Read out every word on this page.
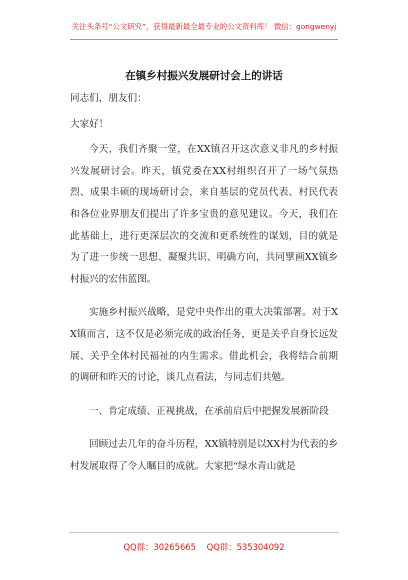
关注头条号“公文研究”，获得最新最全最专业的公文资料库！ 微信：gongwenyj
在镇乡村振兴发展研讨会上的讲话

同志们，朋友们：

大家好！

今天，我们齐聚一堂，在XX镇召开这次意义非凡的乡村振兴发展研讨会。昨天，镇党委在XX村组织召开了一场气氛热烈、成果丰硕的现场研讨会，来自基层的党员代表、村民代表和各位业界朋友们提出了许多宝贵的意见建议。今天，我们在此基础上，进行更深层次的交流和更系统性的谋划，目的就是为了进一步统一思想、凝聚共识、明确方向，共同擘画XX镇乡村振兴的宏伟蓝图。

实施乡村振兴战略，是党中央作出的重大决策部署。对于XX镇而言，这不仅是必须完成的政治任务，更是关乎自身长远发展、关乎全体村民福祉的内生需求。借此机会，我将结合前期的调研和昨天的讨论，谈几点看法，与同志们共勉。

一、肯定成绩、正视挑战，在承前启后中把握发展新阶段

回顾过去几年的奋斗历程，XX镇特别是以XX村为代表的乡村发展取得了令人瞩目的成就。大家把“绿水青山就是

QQ群：30265665 QQ群：535304092
